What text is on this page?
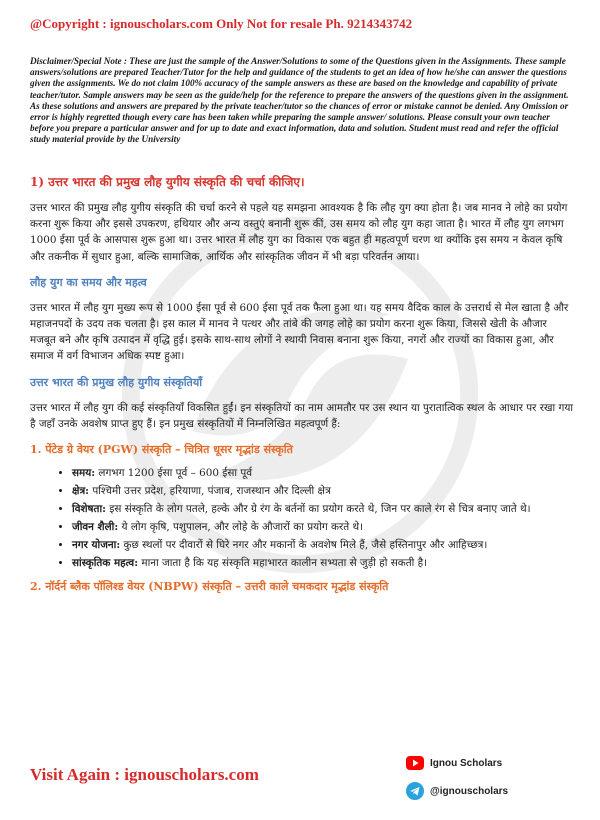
@Copyright : ignouscholars.com Only Not for resale Ph. 9214343742
Disclaimer/Special Note : These are just the sample of the Answer/Solutions to some of the Questions given in the Assignments. These sample answers/solutions are prepared Teacher/Tutor for the help and guidance of the students to get an idea of how he/she can answer the questions given the assignments. We do not claim 100% accuracy of the sample answers as these are based on the knowledge and capability of private teacher/tutor. Sample answers may be seen as the guide/help for the reference to prepare the answers of the questions given in the assignment. As these solutions and answers are prepared by the private teacher/tutor so the chances of error or mistake cannot be denied. Any Omission or error is highly regretted though every care has been taken while preparing the sample answer/ solutions. Please consult your own teacher before you prepare a particular answer and for up to date and exact information, data and solution. Student must read and refer the official study material provide by the University
1) उत्तर भारत की प्रमुख लौह युगीय संस्कृति की चर्चा कीजिए।

उत्तर भारत की प्रमुख लौह युगीय संस्कृति की चर्चा करने से पहले यह समझना आवश्यक है कि लौह युग क्या होता है। जब मानव ने लोहे का प्रयोग करना शुरू किया और इससे उपकरण, हथियार और अन्य वस्तुएं बनानी शुरू कीं, उस समय को लौह युग कहा जाता है। भारत में लौह युग लगभग 1000 ईसा पूर्व के आसपास शुरू हुआ था। उत्तर भारत में लौह युग का विकास एक बहुत ही महत्वपूर्ण चरण था क्योंकि इस समय न केवल कृषि और तकनीक में सुधार हुआ, बल्कि सामाजिक, आर्थिक और सांस्कृतिक जीवन में भी बड़ा परिवर्तन आया।

लौह युग का समय और महत्व

उत्तर भारत में लौह युग मुख्य रूप से 1000 ईसा पूर्व से 600 ईसा पूर्व तक फैला हुआ था। यह समय वैदिक काल के उत्तरार्ध से मेल खाता है और महाजनपदों के उदय तक चलता है। इस काल में मानव ने पत्थर और तांबे की जगह लोहे का प्रयोग करना शुरू किया, जिससे खेती के औजार मजबूत बने और कृषि उत्पादन में वृद्धि हुई। इसके साथ-साथ लोगों ने स्थायी निवास बनाना शुरू किया, नगरों और राज्यों का विकास हुआ, और समाज में वर्ग विभाजन अधिक स्पष्ट हुआ।

उत्तर भारत की प्रमुख लौह युगीय संस्कृतियाँ

उत्तर भारत में लौह युग की कई संस्कृतियाँ विकसित हुईं। इन संस्कृतियों का नाम आमतौर पर उस स्थान या पुरातात्विक स्थल के आधार पर रखा गया है जहाँ उनके अवशेष प्राप्त हुए हैं। इन प्रमुख संस्कृतियों में निम्नलिखित महत्वपूर्ण हैं:

1. पेंटेड ग्रे वेयर (PGW) संस्कृति – चित्रित धूसर मृद्भांड संस्कृति
• समय: लगभग 1200 ईसा पूर्व – 600 ईसा पूर्व
• क्षेत्र: पश्चिमी उत्तर प्रदेश, हरियाणा, पंजाब, राजस्थान और दिल्ली क्षेत्र
• विशेषता: इस संस्कृति के लोग पतले, हल्के और ग्रे रंग के बर्तनों का प्रयोग करते थे, जिन पर काले रंग से चित्र बनाए जाते थे।
• जीवन शैली: ये लोग कृषि, पशुपालन, और लोहे के औजारों का प्रयोग करते थे।
• नगर योजना: कुछ स्थलों पर दीवारों से घिरे नगर और मकानों के अवशेष मिले हैं, जैसे हस्तिनापुर और आहिच्छत्र।
• सांस्कृतिक महत्व: माना जाता है कि यह संस्कृति महाभारत कालीन सभ्यता से जुड़ी हो सकती है।
2. नॉर्दर्न ब्लैक पॉलिश्ड वेयर (NBPW) संस्कृति – उत्तरी काले चमकदार मृद्भांड संस्कृति
Visit Again : ignouscholars.com
Ignou Scholars
@ignouscholars
